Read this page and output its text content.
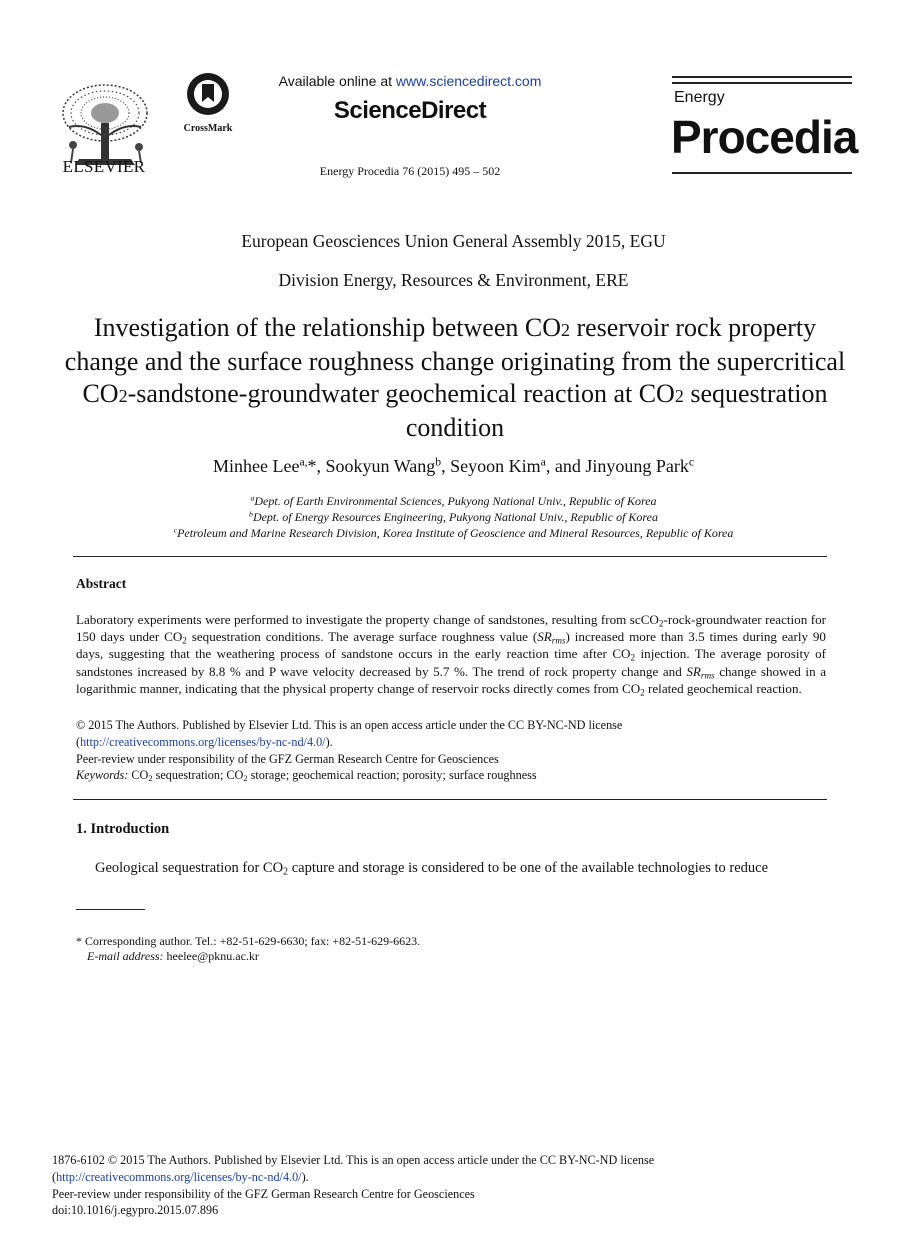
ELSEVIER
CrossMark
Available online at www.sciencedirect.com
ScienceDirect
Energy Procedia 76 (2015) 495 – 502
Energy
Procedia
European Geosciences Union General Assembly 2015, EGU
Division Energy, Resources & Environment, ERE
Investigation of the relationship between CO2 reservoir rock property change and the surface roughness change originating from the supercritical CO2-sandstone-groundwater geochemical reaction at CO2 sequestration condition
Minhee Lee$^{a,}$*, Sookyun Wang$^b$, Seyoon Kim$^a$, and Jinyoung Park$^c$
$^a$Dept. of Earth Environmental Sciences, Pukyong National Univ., Republic of Korea
$^b$Dept. of Energy Resources Engineering, Pukyong National Univ., Republic of Korea
$^c$Petroleum and Marine Research Division, Korea Institute of Geoscience and Mineral Resources, Republic of Korea
Abstract
Laboratory experiments were performed to investigate the property change of sandstones, resulting from scCO$_2$-rock-groundwater reaction for 150 days under $CO_2$ sequestration conditions. The average surface roughness value $(SR_{rms})$ increased more than 3.5 times during early 90 days, suggesting that the weathering process of sandstone occurs in the early reaction time after $CO_2$ injection. The average porosity of sandstones increased by 8.8 % and P wave velocity decreased by 5.7 %. The trend of rock property change and $SR_{rms}$ change showed in a logarithmic manner, indicating that the physical property change of reservoir rocks directly comes from $CO_2$ related geochemical reaction.
© 2015 The Authors. Published by Elsevier Ltd. This is an open access article under the CC BY-NC-ND license
(http://creativecommons.org/licenses/by-nc-nd/4.0/).
Peer-review under responsibility of the GFZ German Research Centre for Geosciences
Keywords: $CO_2$ sequestration; $CO_2$ storage; geochemical reaction; porosity; surface roughness
1. Introduction
Geological sequestration for $CO_2$ capture and storage is considered to be one of the available technologies to reduce
* Corresponding author. Tel.: +82-51-629-6630; fax: +82-51-629-6623.
E-mail address: heelee@pknu.ac.kr
1876-6102 © 2015 The Authors. Published by Elsevier Ltd. This is an open access article under the CC BY-NC-ND license
(http://creativecommons.org/licenses/by-nc-nd/4.0/).
Peer-review under responsibility of the GFZ German Research Centre for Geosciences
doi:10.1016/j.egypro.2015.07.896
